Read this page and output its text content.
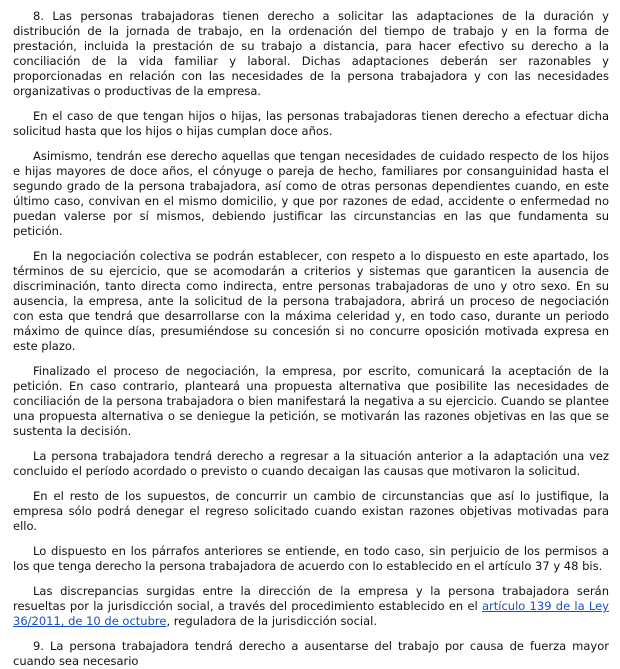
8. Las personas trabajadoras tienen derecho a solicitar las adaptaciones de la duración y distribución de la jornada de trabajo, en la ordenación del tiempo de trabajo y en la forma de prestación, incluida la prestación de su trabajo a distancia, para hacer efectivo su derecho a la conciliación de la vida familiar y laboral. Dichas adaptaciones deberán ser razonables y proporcionadas en relación con las necesidades de la persona trabajadora y con las necesidades organizativas o productivas de la empresa.

En el caso de que tengan hijos o hijas, las personas trabajadoras tienen derecho a efectuar dicha solicitud hasta que los hijos o hijas cumplan doce años.

Asimismo, tendrán ese derecho aquellas que tengan necesidades de cuidado respecto de los hijos e hijas mayores de doce años, el cónyuge o pareja de hecho, familiares por consanguinidad hasta el segundo grado de la persona trabajadora, así como de otras personas dependientes cuando, en este último caso, convivan en el mismo domicilio, y que por razones de edad, accidente o enfermedad no puedan valerse por sí mismos, debiendo justificar las circunstancias en las que fundamenta su petición.

En la negociación colectiva se podrán establecer, con respeto a lo dispuesto en este apartado, los términos de su ejercicio, que se acomodarán a criterios y sistemas que garanticen la ausencia de discriminación, tanto directa como indirecta, entre personas trabajadoras de uno y otro sexo. En su ausencia, la empresa, ante la solicitud de la persona trabajadora, abrirá un proceso de negociación con esta que tendrá que desarrollarse con la máxima celeridad y, en todo caso, durante un periodo máximo de quince días, presumiéndose su concesión si no concurre oposición motivada expresa en este plazo.

Finalizado el proceso de negociación, la empresa, por escrito, comunicará la aceptación de la petición. En caso contrario, planteará una propuesta alternativa que posibilite las necesidades de conciliación de la persona trabajadora o bien manifestará la negativa a su ejercicio. Cuando se plantee una propuesta alternativa o se deniegue la petición, se motivarán las razones objetivas en las que se sustenta la decisión.

La persona trabajadora tendrá derecho a regresar a la situación anterior a la adaptación una vez concluido el período acordado o previsto o cuando decaigan las causas que motivaron la solicitud.

En el resto de los supuestos, de concurrir un cambio de circunstancias que así lo justifique, la empresa sólo podrá denegar el regreso solicitado cuando existan razones objetivas motivadas para ello.

Lo dispuesto en los párrafos anteriores se entiende, en todo caso, sin perjuicio de los permisos a los que tenga derecho la persona trabajadora de acuerdo con lo establecido en el artículo 37 y 48 bis.

Las discrepancias surgidas entre la dirección de la empresa y la persona trabajadora serán resueltas por la jurisdicción social, a través del procedimiento establecido en el artículo 139 de la Ley 36/2011, de 10 de octubre, reguladora de la jurisdicción social.

9. La persona trabajadora tendrá derecho a ausentarse del trabajo por causa de fuerza mayor cuando sea necesario
